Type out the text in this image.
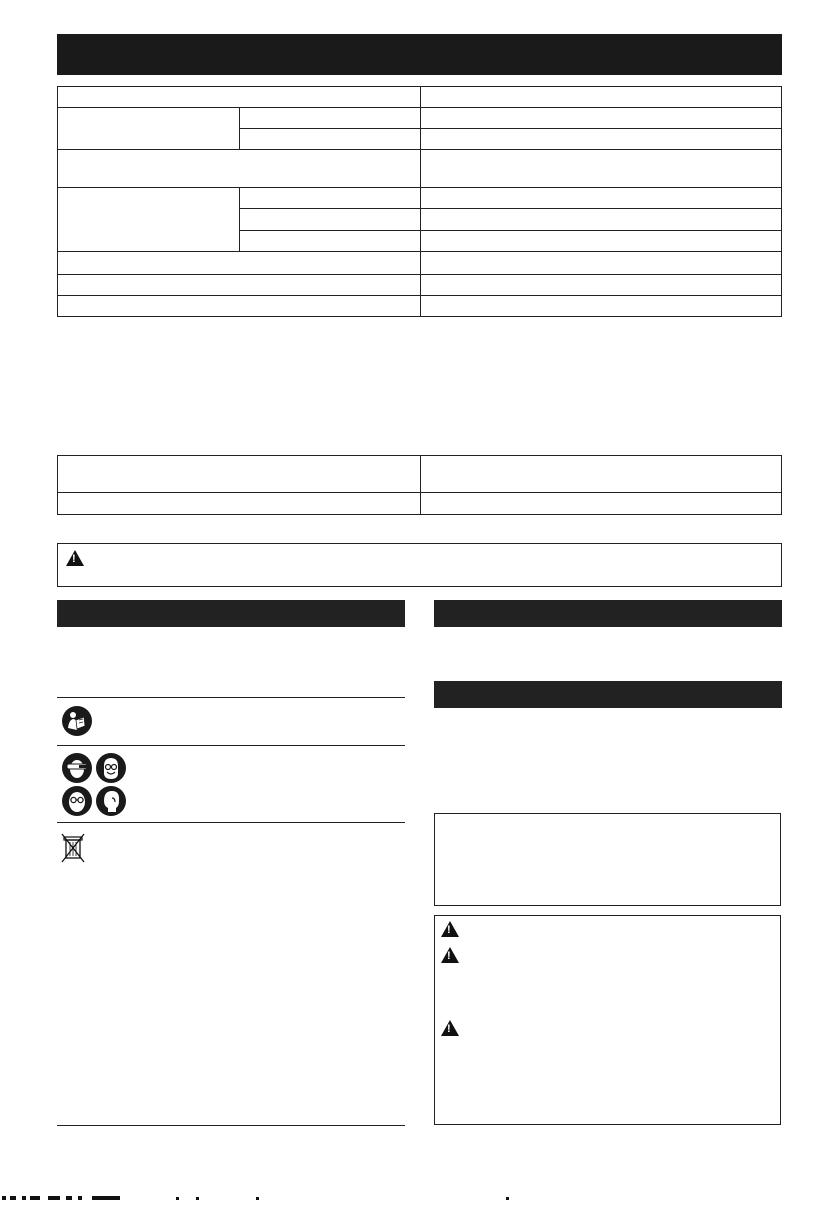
!
!
!
!
